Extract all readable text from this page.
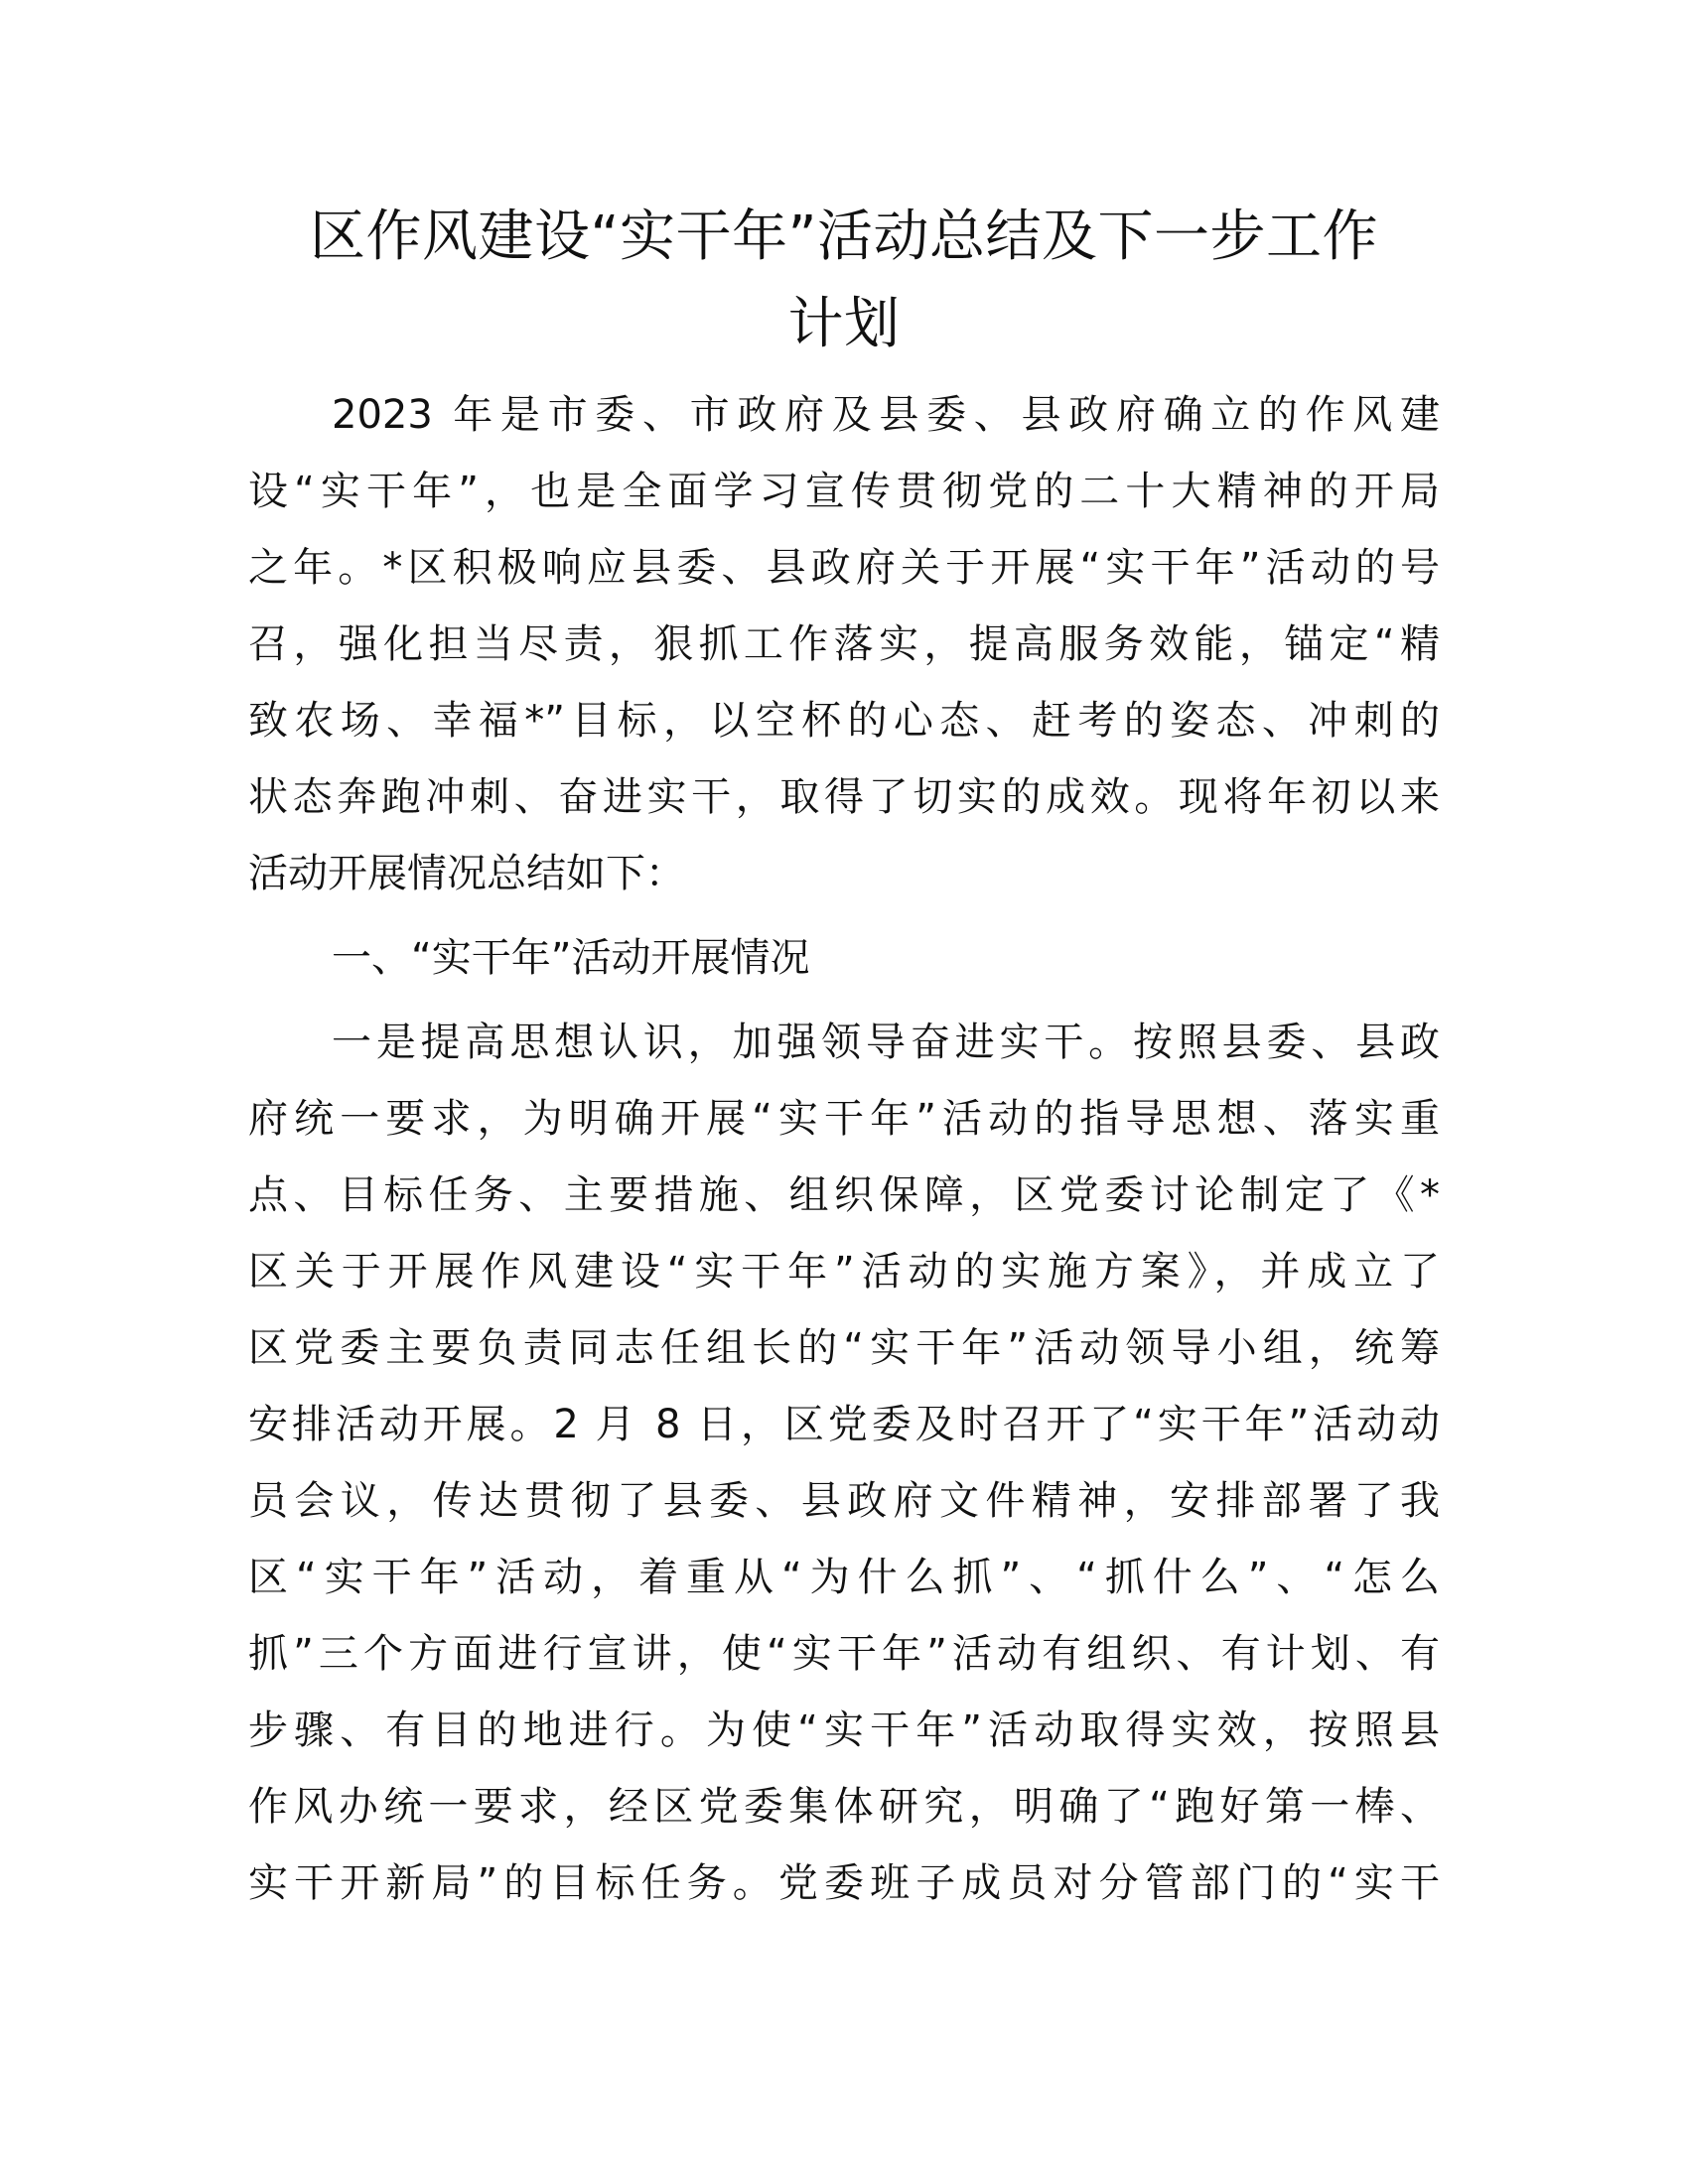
区作风建设“实干年”活动总结及下一步工作
计划
2023 年是市委、市政府及县委、县政府确立的作风建
设“实干年”，也是全面学习宣传贯彻党的二十大精神的开局
之年。*区积极响应县委、县政府关于开展“实干年”活动的号
召，强化担当尽责，狠抓工作落实，提高服务效能，锚定“精
致农场、幸福*”目标，以空杯的心态、赶考的姿态、冲刺的
状态奔跑冲刺、奋进实干，取得了切实的成效。现将年初以来
活动开展情况总结如下：
一、“实干年”活动开展情况
一是提高思想认识，加强领导奋进实干。按照县委、县政
府统一要求，为明确开展“实干年”活动的指导思想、落实重
点、目标任务、主要措施、组织保障，区党委讨论制定了《*
区关于开展作风建设“实干年”活动的实施方案》，并成立了
区党委主要负责同志任组长的“实干年”活动领导小组，统筹
安排活动开展。2 月 8 日，区党委及时召开了“实干年”活动动
员会议，传达贯彻了县委、县政府文件精神，安排部署了我
区“实干年”活动，着重从“为什么抓”、“抓什么”、“怎么
抓”三个方面进行宣讲，使“实干年”活动有组织、有计划、有
步骤、有目的地进行。为使“实干年”活动取得实效，按照县
作风办统一要求，经区党委集体研究，明确了“跑好第一棒、
实干开新局”的目标任务。党委班子成员对分管部门的“实干
